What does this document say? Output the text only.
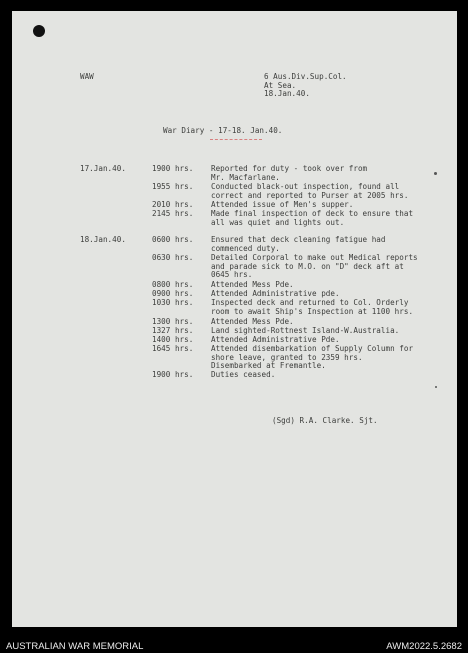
WAW	6 Aus.Div.Sup.Col.
At Sea.
18.Jan.40.
War Diary - 17-18. Jan.40.
17.Jan.40.	1900 hrs. Reported for duty - took over from
Mr. Macfarlane.
1955 hrs. Conducted black-out inspection, found all
correct and reported to Purser at 2005 hrs.
2010 hrs. Attended issue of Men's supper.
2145 hrs. Made final inspection of deck to ensure that
all was quiet and lights out.
18.Jan.40.	0600 hrs. Ensured that deck cleaning fatigue had
commenced duty.
0630 hrs. Detailed Corporal to make out Medical reports
and parade sick to M.O. on "D" deck aft at
0645 hrs.
0800 hrs. Attended Mess Pde.
0900 hrs. Attended Administrative pde.
1030 hrs. Inspected deck and returned to Col. Orderly
room to await Ship's Inspection at 1100 hrs.
1300 hrs. Attended Mess Pde.
1327 hrs. Land sighted-Rottnest Island-W.Australia.
1400 hrs. Attended Administrative Pde.
1645 hrs. Attended disembarkation of Supply Column for
shore leave, granted to 2359 hrs.
Disembarked at Fremantle.
1900 hrs. Duties ceased.
(Sgd) R.A. Clarke. Sjt.
AUSTRALIAN WAR MEMORIAL	AWM2022.5.2682
